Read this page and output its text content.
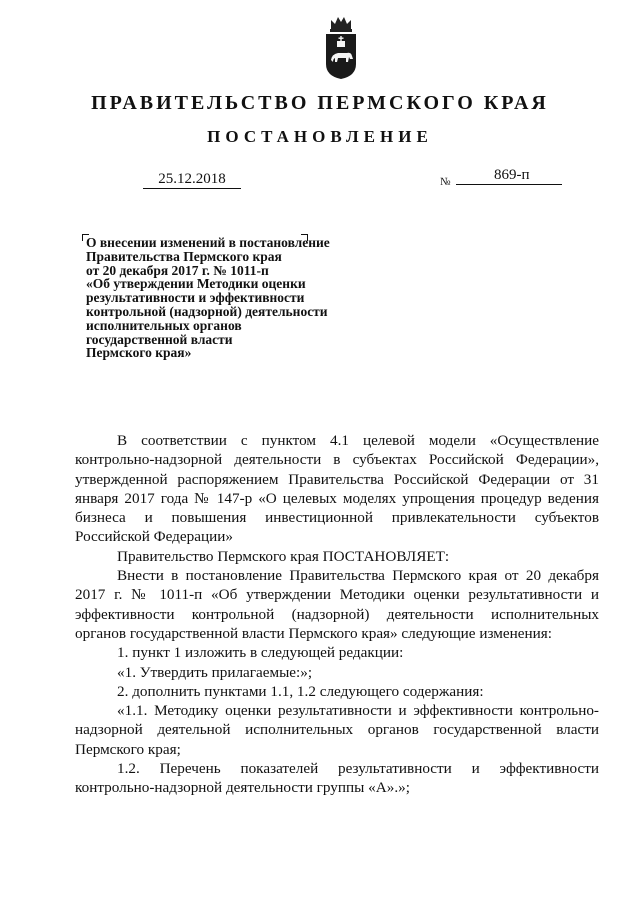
ПРАВИТЕЛЬСТВО ПЕРМСКОГО КРАЯ
ПОСТАНОВЛЕНИЕ
25.12.2018	№	869-п
О внесении изменений в постановление
Правительства Пермского края
от 20 декабря 2017 г. № 1011-п
«Об утверждении Методики оценки
результативности и эффективности
контрольной (надзорной) деятельности
исполнительных органов
государственной власти
Пермского края»

В соответствии с пунктом 4.1 целевой модели «Осуществление контрольно-надзорной деятельности в субъектах Российской Федерации», утвержденной распоряжением Правительства Российской Федерации от 31 января 2017 года № 147-р «О целевых моделях упрощения процедур ведения бизнеса и повышения инвестиционной привлекательности субъектов Российской Федерации»

Правительство Пермского края ПОСТАНОВЛЯЕТ:

Внести в постановление Правительства Пермского края от 20 декабря 2017 г. № 1011-п «Об утверждении Методики оценки результативности и эффективности контрольной (надзорной) деятельности исполнительных органов государственной власти Пермского края» следующие изменения:

1. пункт 1 изложить в следующей редакции:

«1. Утвердить прилагаемые:»;

2. дополнить пунктами 1.1, 1.2 следующего содержания:

«1.1. Методику оценки результативности и эффективности контрольно-надзорной деятельной исполнительных органов государственной власти Пермского края;

1.2. Перечень показателей результативности и эффективности контрольно-надзорной деятельности группы «А».»;
